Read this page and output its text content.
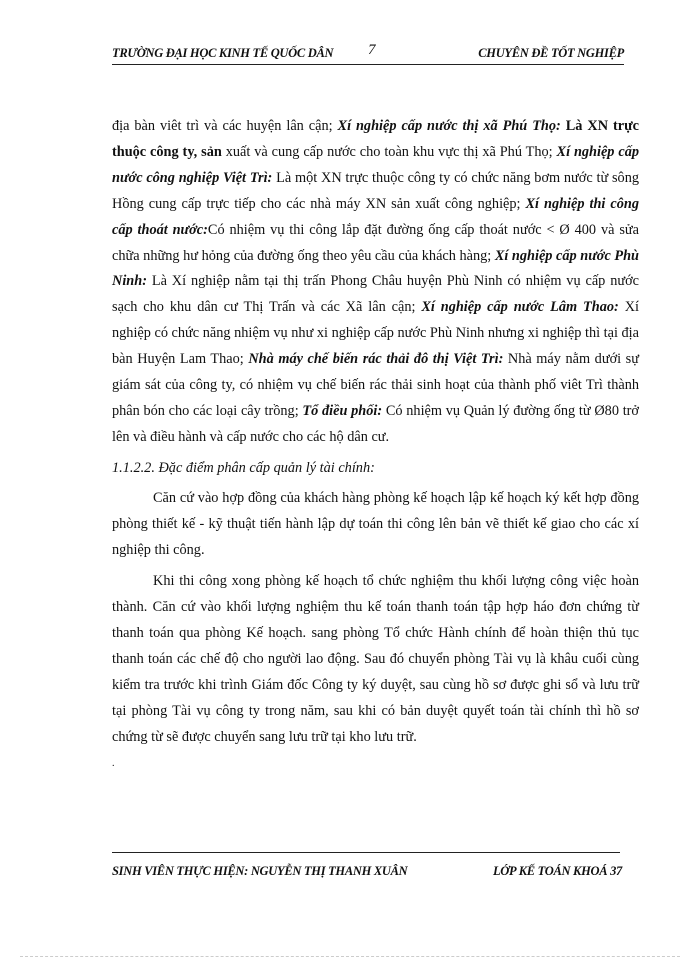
TRƯỜNG ĐẠI HỌC KINH TẾ QUỐC DÂN 7	CHUYÊN ĐỀ TỐT NGHIỆP

địa bàn viêt trì và các huyện lân cận; Xí nghiệp cấp nước thị xã Phú Thọ: Là XN trực thuộc công ty, sản xuất và cung cấp nước cho toàn khu vực thị xã Phú Thọ; Xí nghiệp cấp nước công nghiệp Việt Trì: Là một XN trực thuộc công ty có chức năng bơm nước từ sông Hồng cung cấp trực tiếp cho các nhà máy XN sản xuất công nghiệp; Xí nghiệp thi công cấp thoát nước:Có nhiệm vụ thi công lắp đặt đường ống cấp thoát nước < Ø 400 và sửa chữa những hư hỏng của đường ống theo yêu cầu của khách hàng; Xí nghiệp cấp nước Phù Ninh: Là Xí nghiệp nằm tại thị trấn Phong Châu huyện Phù Ninh có nhiệm vụ cấp nước sạch cho khu dân cư Thị Trấn và các Xã lân cận; Xí nghiệp cấp nước Lâm Thao: Xí nghiệp có chức năng nhiệm vụ như xi nghiệp cấp nước Phù Ninh nhưng xi nghiệp thì tại địa bàn Huyện Lam Thao; Nhà máy chế biến rác thải đô thị Việt Trì: Nhà máy nằm dưới sự giám sát của công ty, có nhiệm vụ chế biến rác thải sinh hoạt của thành phố viêt Trì thành phân bón cho các loại cây trồng; Tổ điều phối: Có nhiệm vụ Quản lý đường ống từ Ø80 trở lên và điều hành và cấp nước cho các hộ dân cư.

1.1.2.2. Đặc điểm phân cấp quản lý tài chính:

Căn cứ vào hợp đồng của khách hàng phòng kế hoạch lập kế hoạch ký kết hợp đồng phòng thiết kế - kỹ thuật tiến hành lập dự toán thi công lên bản vẽ thiết kế giao cho các xí nghiệp thi công.

Khi thi công xong phòng kế hoạch tổ chức nghiệm thu khối lượng công việc hoàn thành. Căn cứ vào khối lượng nghiệm thu kế toán thanh toán tập hợp háo đơn chứng từ thanh toán qua phòng Kế hoạch. sang phòng Tổ chức Hành chính để hoàn thiện thủ tục thanh toán các chế độ cho người lao động. Sau đó chuyển phòng Tài vụ là khâu cuối cùng kiểm tra trước khi trình Giám đốc Công ty ký duyệt, sau cùng hồ sơ được ghi sổ và lưu trữ tại phòng Tài vụ công ty trong năm, sau khi có bản duyệt quyết toán tài chính thì hồ sơ chứng từ sẽ được chuyển sang lưu trữ tại kho lưu trữ.

.

SINH VIÊN THỰC HIỆN: NGUYỄN THỊ THANH XUÂN	LỚP KẾ TOÁN KHOÁ 37
